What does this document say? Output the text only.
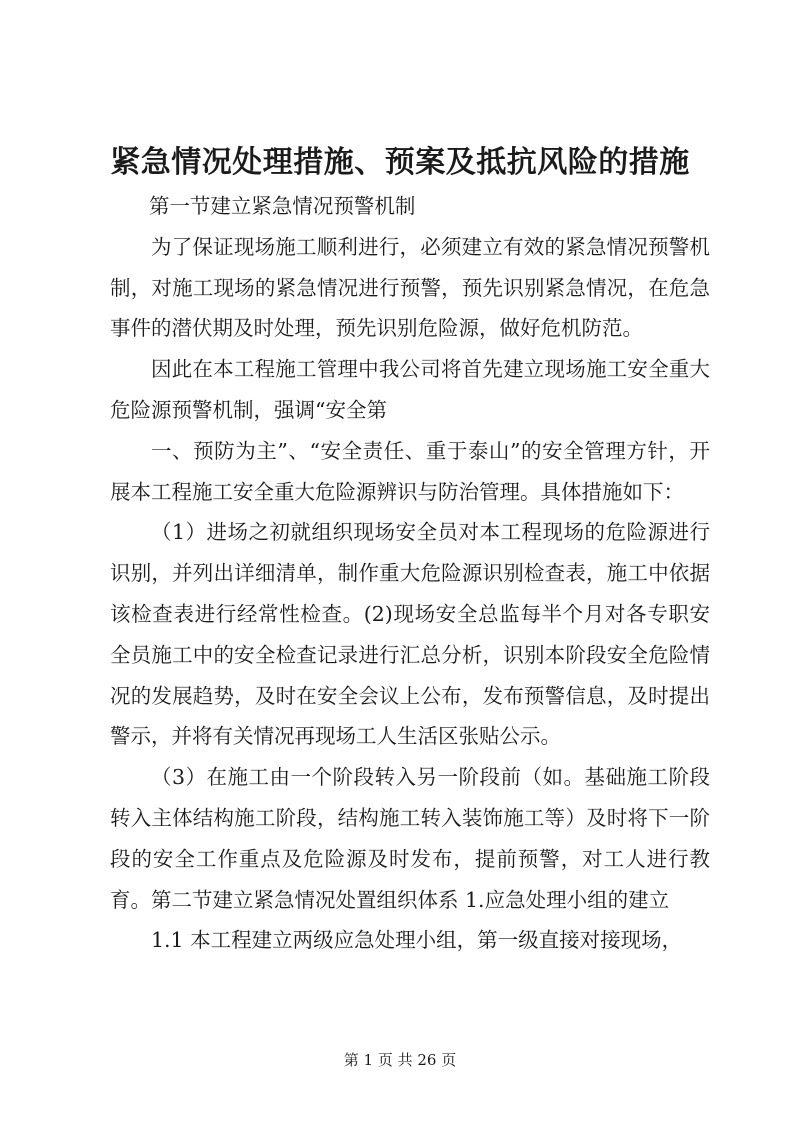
紧急情况处理措施、预案及抵抗风险的措施

第一节建立紧急情况预警机制

为了保证现场施工顺利进行，必须建立有效的紧急情况预警机制，对施工现场的紧急情况进行预警，预先识别紧急情况，在危急事件的潜伏期及时处理，预先识别危险源，做好危机防范。

因此在本工程施工管理中我公司将首先建立现场施工安全重大危险源预警机制，强调“安全第

一、预防为主”、“安全责任、重于泰山”的安全管理方针，开展本工程施工安全重大危险源辨识与防治管理。具体措施如下：

（1）进场之初就组织现场安全员对本工程现场的危险源进行识别，并列出详细清单，制作重大危险源识别检查表，施工中依据该检查表进行经常性检查。(2)现场安全总监每半个月对各专职安全员施工中的安全检查记录进行汇总分析，识别本阶段安全危险情况的发展趋势，及时在安全会议上公布，发布预警信息，及时提出警示，并将有关情况再现场工人生活区张贴公示。

（3）在施工由一个阶段转入另一阶段前（如。基础施工阶段转入主体结构施工阶段，结构施工转入装饰施工等）及时将下一阶段的安全工作重点及危险源及时发布，提前预警，对工人进行教育。第二节建立紧急情况处置组织体系 1.应急处理小组的建立

1.1 本工程建立两级应急处理小组，第一级直接对接现场，

第 1 页 共 26 页
